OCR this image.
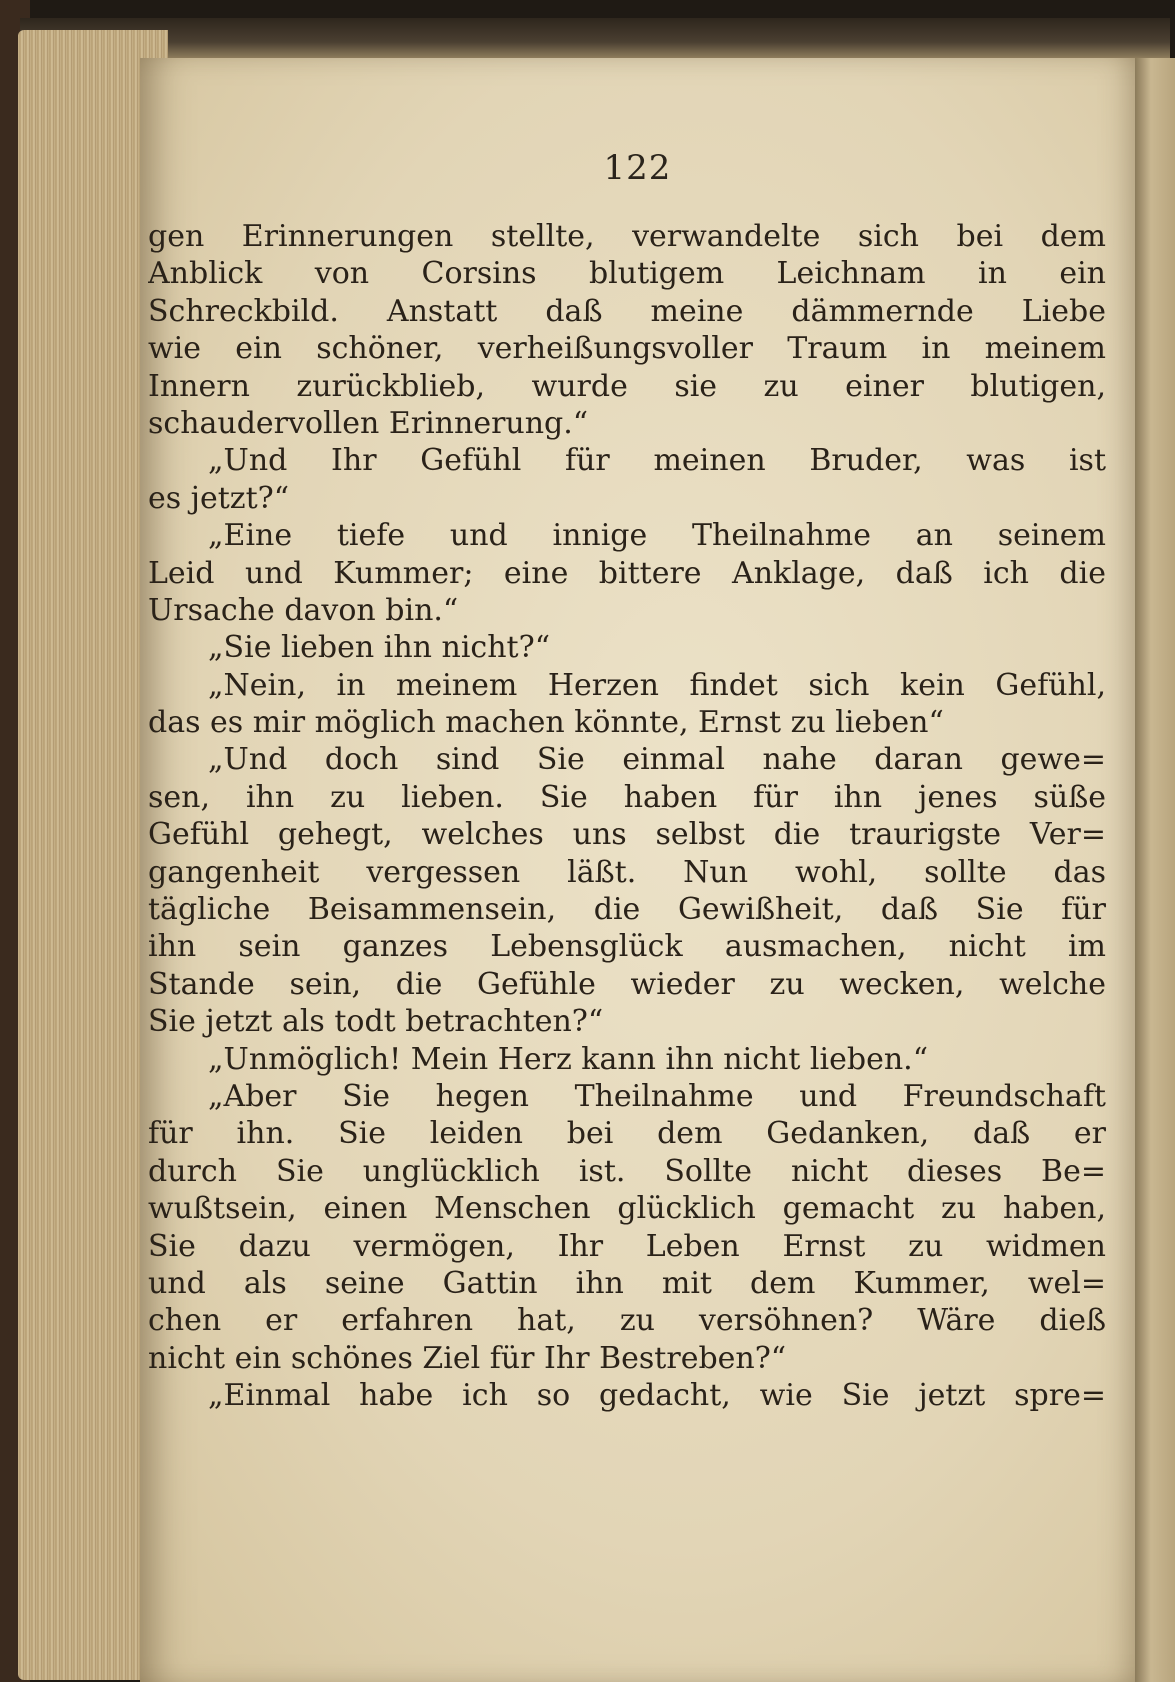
122
gen Erinnerungen stellte, verwandelte sich bei dem
Anblick von Corsins blutigem Leichnam in ein
Schreckbild. Anstatt daß meine dämmernde Liebe
wie ein schöner, verheißungsvoller Traum in meinem
Innern zurückblieb, wurde sie zu einer blutigen,
schaudervollen Erinnerung.“
„Und Ihr Gefühl für meinen Bruder, was ist
es jetzt?“
„Eine tiefe und innige Theilnahme an seinem
Leid und Kummer; eine bittere Anklage, daß ich die
Ursache davon bin.“
„Sie lieben ihn nicht?“
„Nein, in meinem Herzen findet sich kein Gefühl,
das es mir möglich machen könnte, Ernst zu lieben“
„Und doch sind Sie einmal nahe daran gewe=
sen, ihn zu lieben. Sie haben für ihn jenes süße
Gefühl gehegt, welches uns selbst die traurigste Ver=
gangenheit vergessen läßt. Nun wohl, sollte das
tägliche Beisammensein, die Gewißheit, daß Sie für
ihn sein ganzes Lebensglück ausmachen, nicht im
Stande sein, die Gefühle wieder zu wecken, welche
Sie jetzt als todt betrachten?“
„Unmöglich! Mein Herz kann ihn nicht lieben.“
„Aber Sie hegen Theilnahme und Freundschaft
für ihn. Sie leiden bei dem Gedanken, daß er
durch Sie unglücklich ist. Sollte nicht dieses Be=
wußtsein, einen Menschen glücklich gemacht zu haben,
Sie dazu vermögen, Ihr Leben Ernst zu widmen
und als seine Gattin ihn mit dem Kummer, wel=
chen er erfahren hat, zu versöhnen? Wäre dieß
nicht ein schönes Ziel für Ihr Bestreben?“
„Einmal habe ich so gedacht, wie Sie jetzt spre=
